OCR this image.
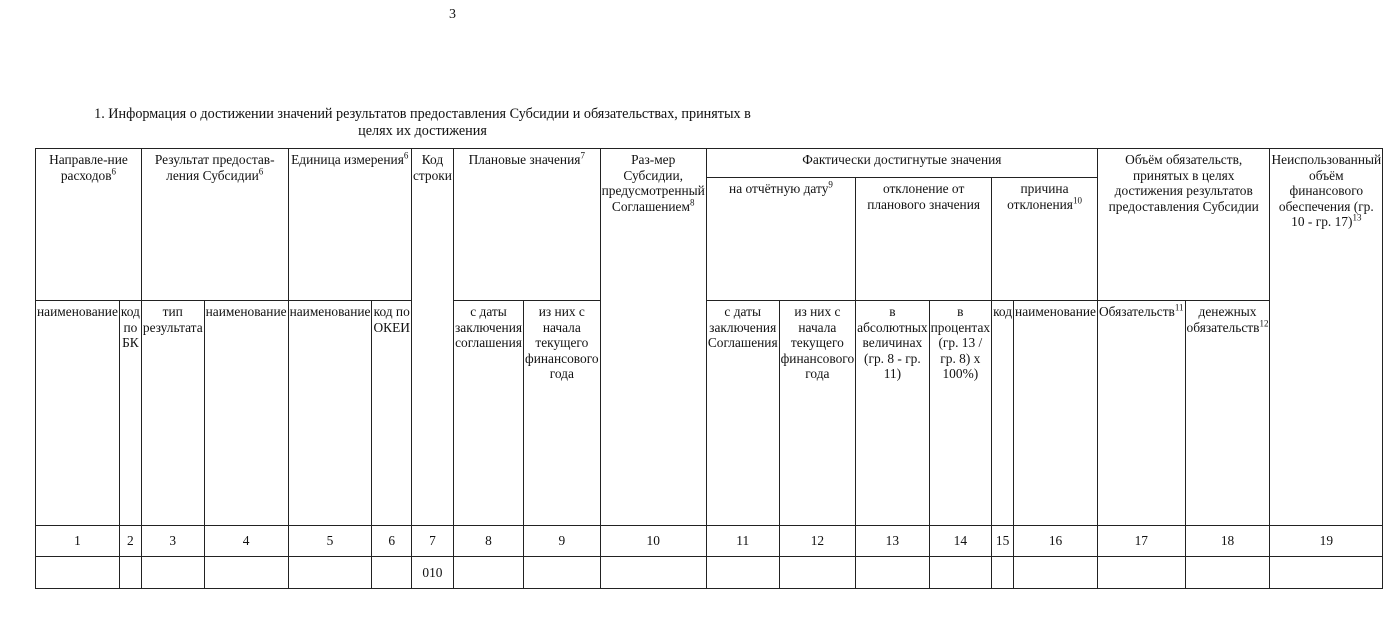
3
1. Информация о достижении значений результатов предоставления Субсидии и обязательствах, принятых в
целях их достижения
Направле-ние расходов$^6$		Результат предостав-ления Субсидии$^6$		Единица измерения$^6$		Код строки	Плановые значения$^7$		Раз-мер Субсидии, предусмотренный Соглашением$^8$	Фактически достигнутые значения						Объём обязательств, принятых в целях достижения результатов предоставления Субсидии		Неиспользованный объём финансового обеспечения (гр. 10 - гр. 17)$^{13}$
										на отчётную дату$^9$		отклонение от планового значения		причина отклонения$^{10}$
наименование	код по БК	тип результата	наименование	наименование	код по ОКЕИ		с даты заключения соглашения	из них с начала текущего финансового года		с даты заключения Соглашения	из них с начала текущего финансового года	в абсолютных величинах (гр. 8 - гр. 11)	в процентах (гр. 13 / гр. 8) x 100%)	код	наименование	Обязательств$^{11}$	денежных обязательств$^{12}$
1	2	3	4	5	6	7	8	9	10	11	12	13	14	15	16	17	18	19
						010												
